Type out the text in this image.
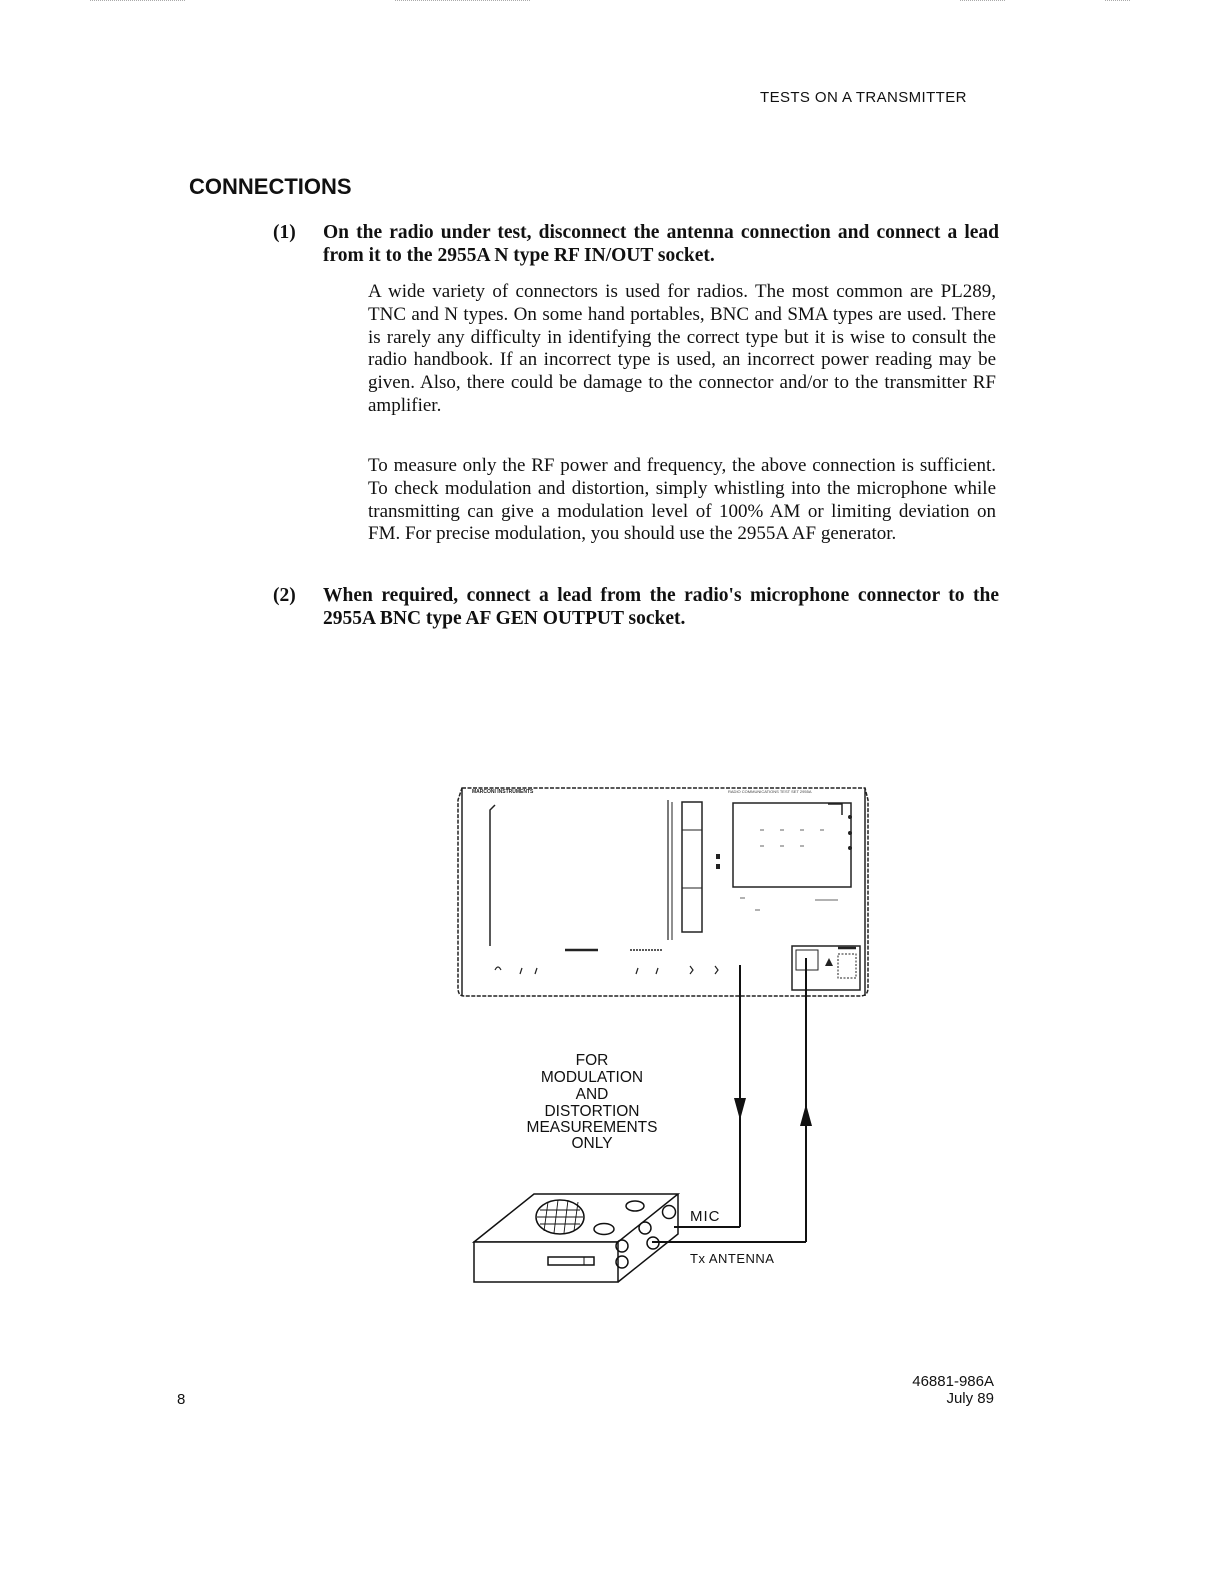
TESTS ON A TRANSMITTER
CONNECTIONS
(1) On the radio under test, disconnect the antenna connection and connect a lead from it to the 2955A N type RF IN/OUT socket.
A wide variety of connectors is used for radios. The most common are PL289, TNC and N types. On some hand portables, BNC and SMA types are used. There is rarely any difficulty in identifying the correct type but it is wise to consult the radio handbook. If an incorrect type is used, an incorrect power reading may be given. Also, there could be damage to the connector and/or to the transmitter RF amplifier.
To measure only the RF power and frequency, the above connection is sufficient. To check modulation and distortion, simply whistling into the microphone while transmitting can give a modulation level of 100% AM or limiting deviation on FM. For precise modulation, you should use the 2955A AF generator.
(2) When required, connect a lead from the radio's microphone connector to the 2955A BNC type AF GEN OUTPUT socket.
MARCONI INSTRUMENTS	RADIO COMMUNICATIONS TEST SET 2955A
FOR
MODULATION
AND
DISTORTION
MEASUREMENTS
ONLY
MIC
Tx ANTENNA
8
46881-986A
July 89
